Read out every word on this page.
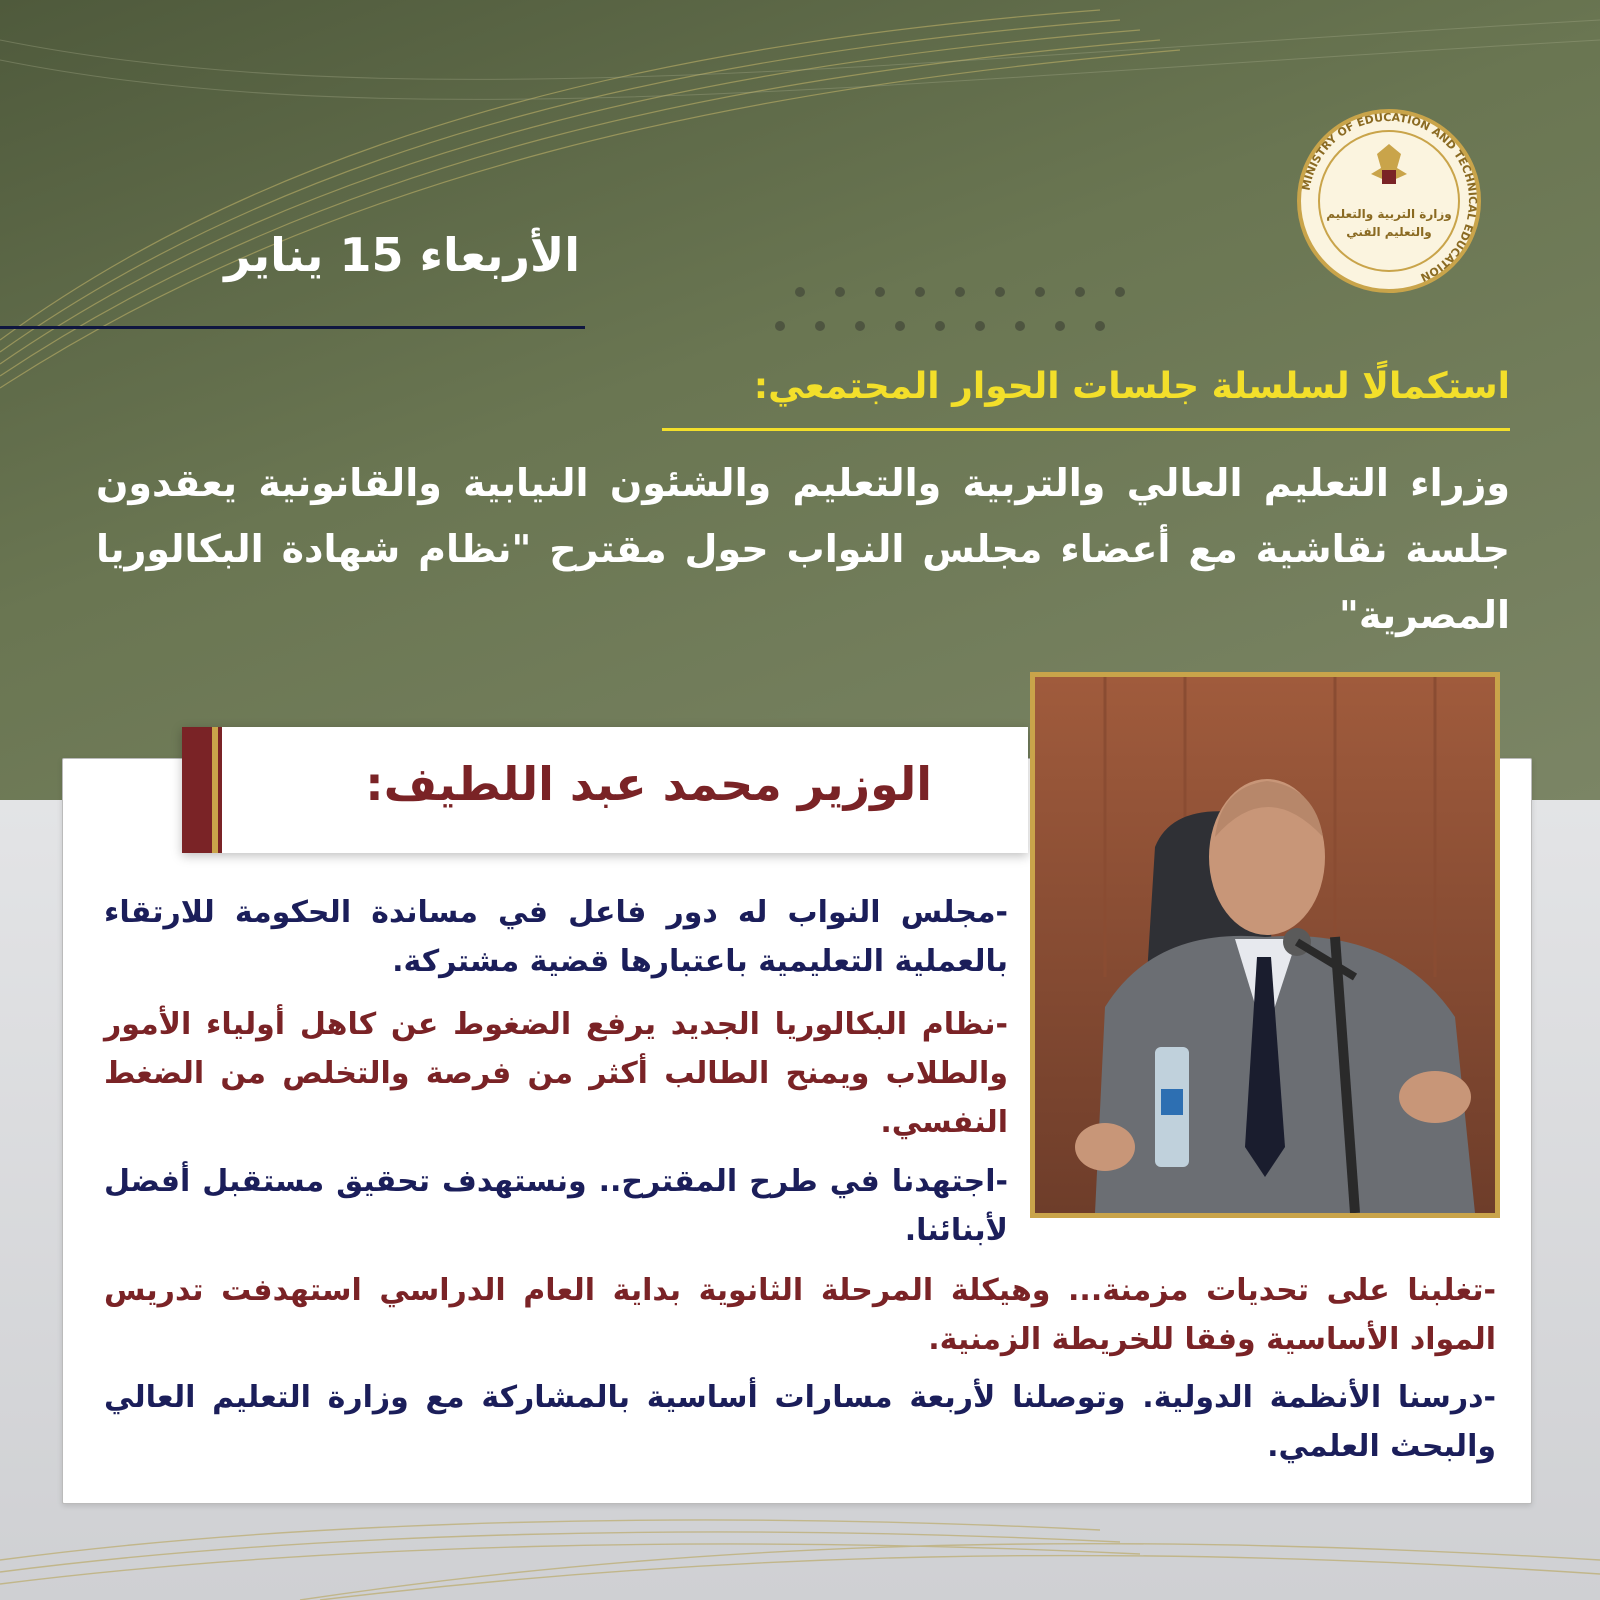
MINISTRY OF EDUCATION AND TECHNICAL EDUCATION
وزارة التربية والتعليم
والتعليم الفني
الأربعاء 15 يناير
استكمالًا لسلسلة جلسات الحوار المجتمعي:
وزراء التعليم العالي والتربية والتعليم والشئون النيابية والقانونية يعقدون جلسة نقاشية مع أعضاء مجلس النواب حول مقترح "نظام شهادة البكالوريا المصرية"
الوزير محمد عبد اللطيف:
-مجلس النواب له دور فاعل في مساندة الحكومة للارتقاء بالعملية التعليمية باعتبارها قضية مشتركة.
-نظام البكالوريا الجديد يرفع الضغوط عن كاهل أولياء الأمور والطلاب ويمنح الطالب أكثر من فرصة والتخلص من الضغط النفسي.
-اجتهدنا في طرح المقترح.. ونستهدف تحقيق مستقبل أفضل لأبنائنا.
-تغلبنا على تحديات مزمنة... وهيكلة المرحلة الثانوية بداية العام الدراسي استهدفت تدريس المواد الأساسية وفقا للخريطة الزمنية.
-درسنا الأنظمة الدولية. وتوصلنا لأربعة مسارات أساسية بالمشاركة مع وزارة التعليم العالي والبحث العلمي.
